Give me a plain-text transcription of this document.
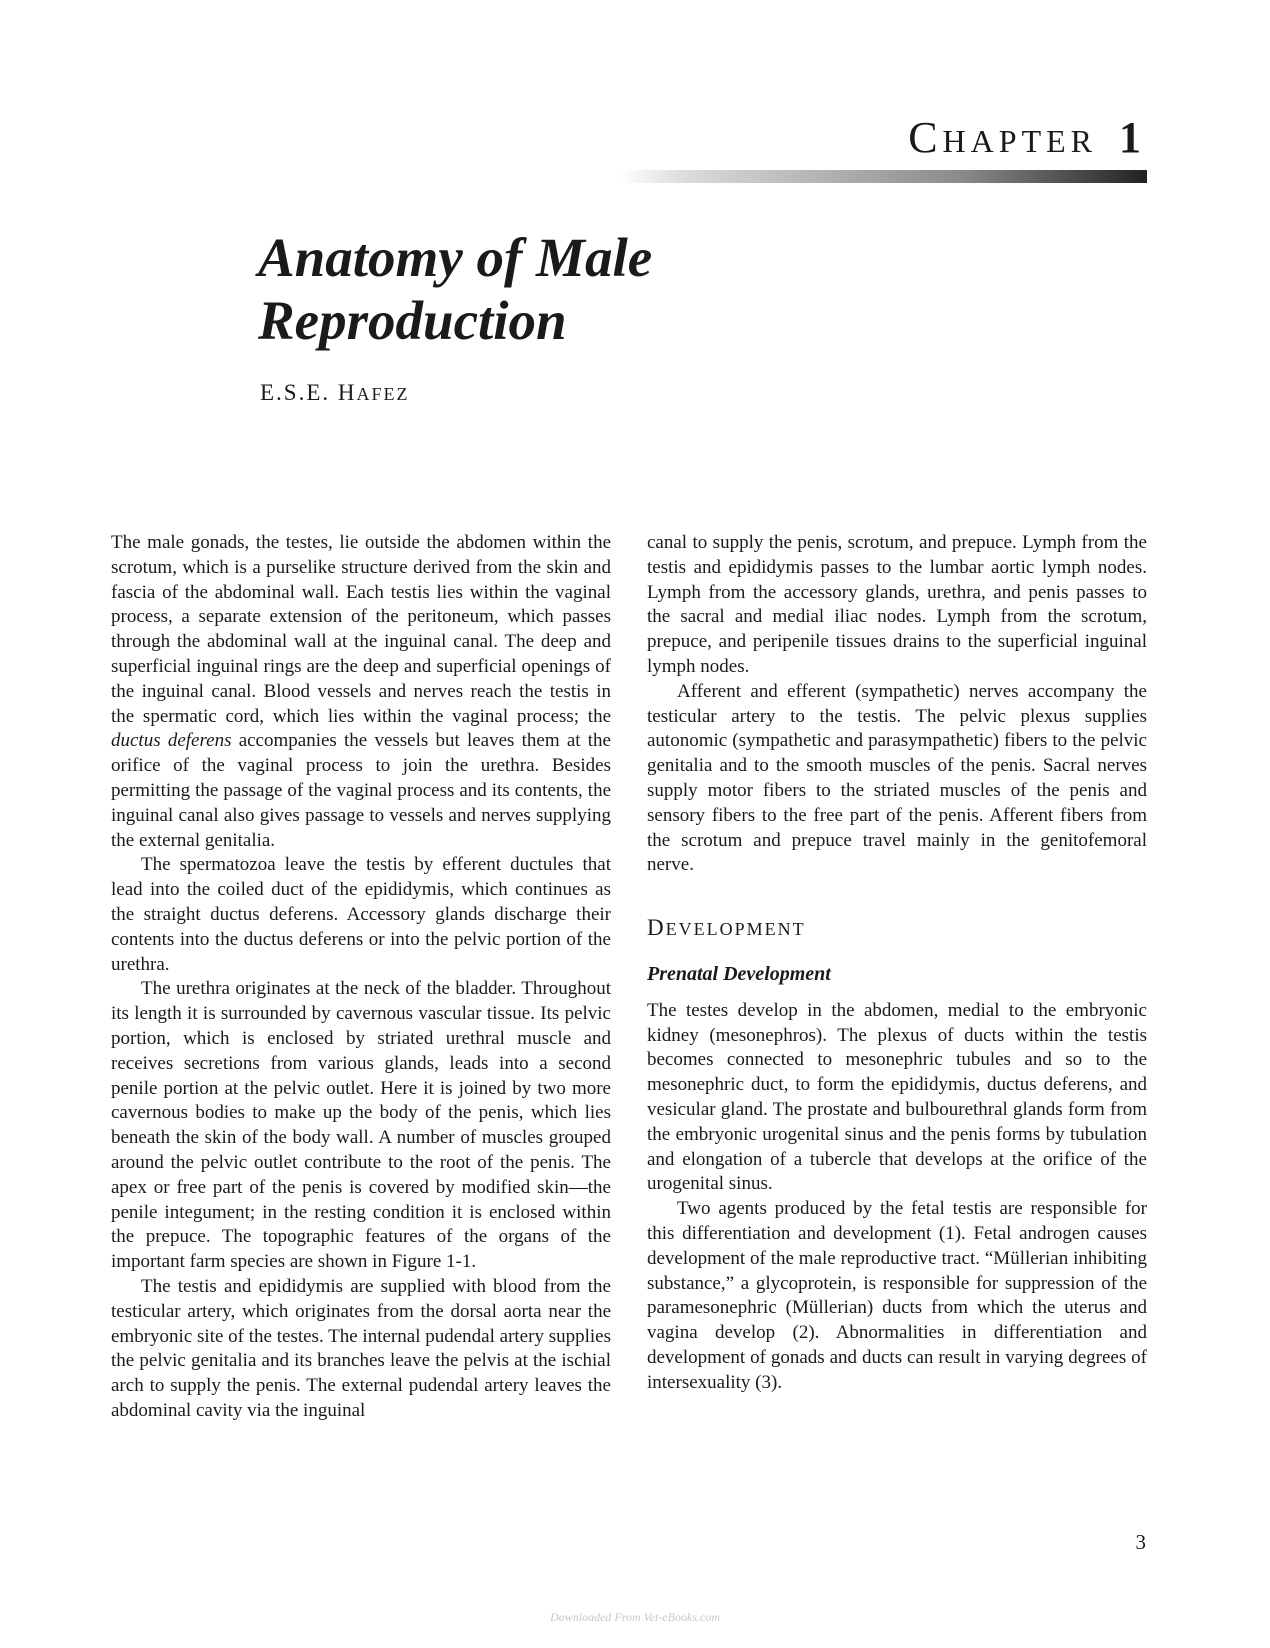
CHAPTER 1
Anatomy of Male
Reproduction
E.S.E. HAFEZ

The male gonads, the testes, lie outside the abdomen within the scrotum, which is a purselike structure derived from the skin and fascia of the abdominal wall. Each testis lies within the vaginal process, a separate extension of the peritoneum, which passes through the abdominal wall at the inguinal canal. The deep and superficial inguinal rings are the deep and superficial openings of the inguinal canal. Blood vessels and nerves reach the testis in the spermatic cord, which lies within the vaginal process; the ductus deferens accompanies the vessels but leaves them at the orifice of the vaginal process to join the urethra. Besides permitting the passage of the vaginal process and its contents, the inguinal canal also gives passage to vessels and nerves supplying the external genitalia.

The spermatozoa leave the testis by efferent ductules that lead into the coiled duct of the epididymis, which continues as the straight ductus deferens. Accessory glands discharge their contents into the ductus deferens or into the pelvic portion of the urethra.

The urethra originates at the neck of the bladder. Throughout its length it is surrounded by cavernous vascular tissue. Its pelvic portion, which is enclosed by striated urethral muscle and receives secretions from various glands, leads into a second penile portion at the pelvic outlet. Here it is joined by two more cavernous bodies to make up the body of the penis, which lies beneath the skin of the body wall. A number of muscles grouped around the pelvic outlet contribute to the root of the penis. The apex or free part of the penis is covered by modified skin—the penile integument; in the resting condition it is enclosed within the prepuce. The topographic features of the organs of the important farm species are shown in Figure 1-1.

The testis and epididymis are supplied with blood from the testicular artery, which originates from the dorsal aorta near the embryonic site of the testes. The internal pudendal artery supplies the pelvic genitalia and its branches leave the pelvis at the ischial arch to supply the penis. The external pudendal artery leaves the abdominal cavity via the inguinal

canal to supply the penis, scrotum, and prepuce. Lymph from the testis and epididymis passes to the lumbar aortic lymph nodes. Lymph from the accessory glands, urethra, and penis passes to the sacral and medial iliac nodes. Lymph from the scrotum, prepuce, and peripenile tissues drains to the superficial inguinal lymph nodes.

Afferent and efferent (sympathetic) nerves accompany the testicular artery to the testis. The pelvic plexus supplies autonomic (sympathetic and parasympathetic) fibers to the pelvic genitalia and to the smooth muscles of the penis. Sacral nerves supply motor fibers to the striated muscles of the penis and sensory fibers to the free part of the penis. Afferent fibers from the scrotum and prepuce travel mainly in the genitofemoral nerve.

DEVELOPMENT
Prenatal Development

The testes develop in the abdomen, medial to the embryonic kidney (mesonephros). The plexus of ducts within the testis becomes connected to mesonephric tubules and so to the mesonephric duct, to form the epididymis, ductus deferens, and vesicular gland. The prostate and bulbourethral glands form from the embryonic urogenital sinus and the penis forms by tubulation and elongation of a tubercle that develops at the orifice of the urogenital sinus.

Two agents produced by the fetal testis are responsible for this differentiation and development (1). Fetal androgen causes development of the male reproductive tract. “Müllerian inhibiting substance,” a glycoprotein, is responsible for suppression of the paramesonephric (Müllerian) ducts from which the uterus and vagina develop (2). Abnormalities in differentiation and development of gonads and ducts can result in varying degrees of intersexuality (3).

3
Downloaded From Vet-eBooks.com
